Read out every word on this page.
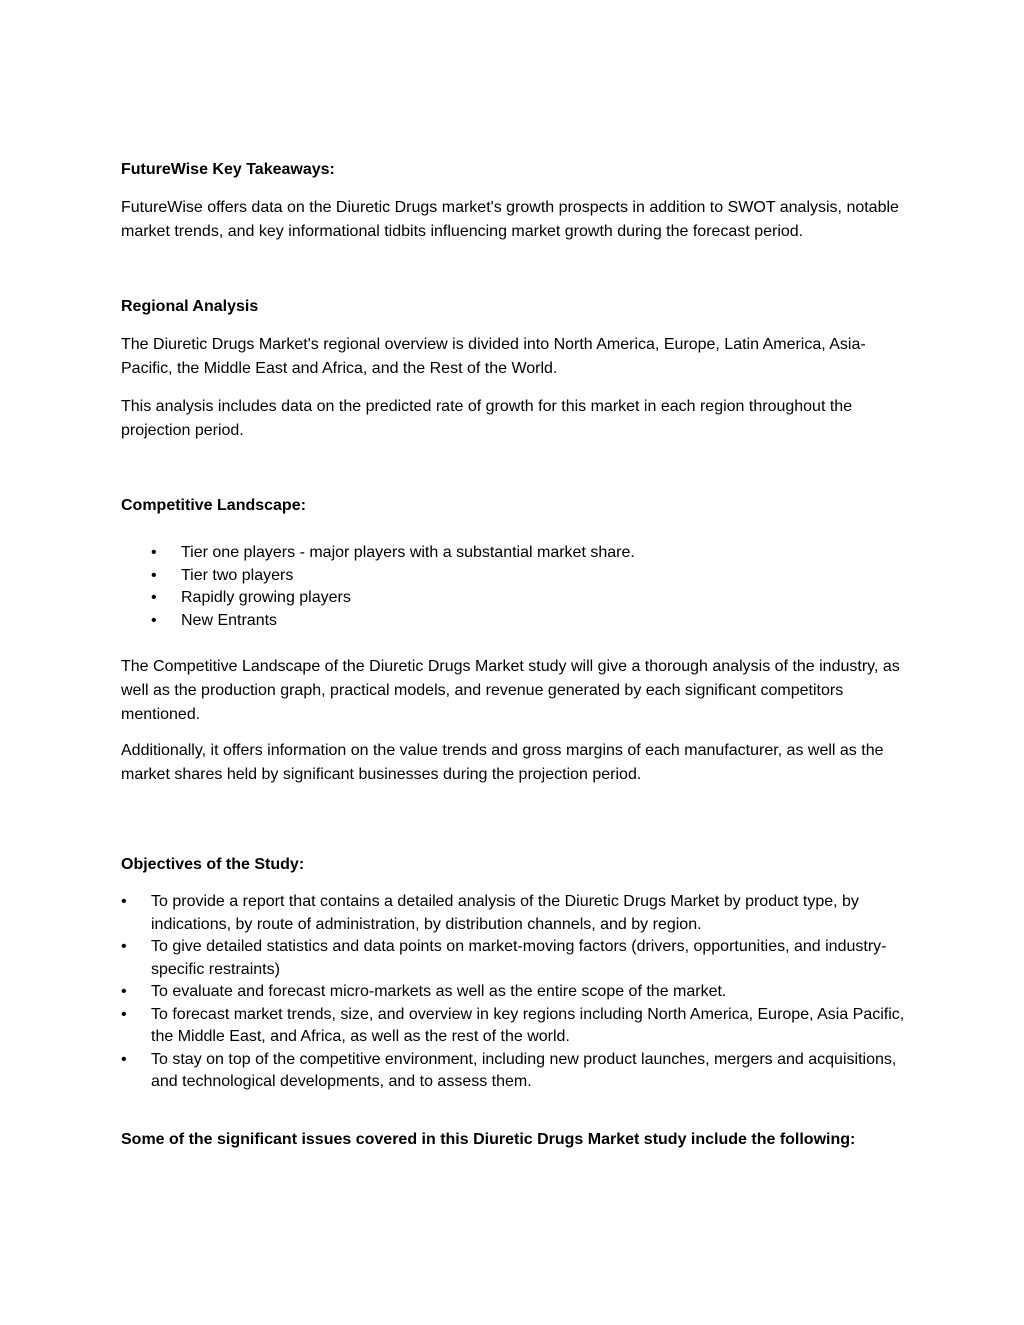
FutureWise Key Takeaways:

FutureWise offers data on the Diuretic Drugs market's growth prospects in addition to SWOT analysis, notable market trends, and key informational tidbits influencing market growth during the forecast period.

Regional Analysis

The Diuretic Drugs Market's regional overview is divided into North America, Europe, Latin America, Asia-Pacific, the Middle East and Africa, and the Rest of the World.

This analysis includes data on the predicted rate of growth for this market in each region throughout the projection period.

Competitive Landscape:
• Tier one players - major players with a substantial market share.
• Tier two players
• Rapidly growing players
• New Entrants

The Competitive Landscape of the Diuretic Drugs Market study will give a thorough analysis of the industry, as well as the production graph, practical models, and revenue generated by each significant competitors mentioned.

Additionally, it offers information on the value trends and gross margins of each manufacturer, as well as the market shares held by significant businesses during the projection period.

Objectives of the Study:
• To provide a report that contains a detailed analysis of the Diuretic Drugs Market by product type, by indications, by route of administration, by distribution channels, and by region.
• To give detailed statistics and data points on market-moving factors (drivers, opportunities, and industry-specific restraints)
• To evaluate and forecast micro-markets as well as the entire scope of the market.
• To forecast market trends, size, and overview in key regions including North America, Europe, Asia Pacific, the Middle East, and Africa, as well as the rest of the world.
• To stay on top of the competitive environment, including new product launches, mergers and acquisitions, and technological developments, and to assess them.
Some of the significant issues covered in this Diuretic Drugs Market study include the following:
